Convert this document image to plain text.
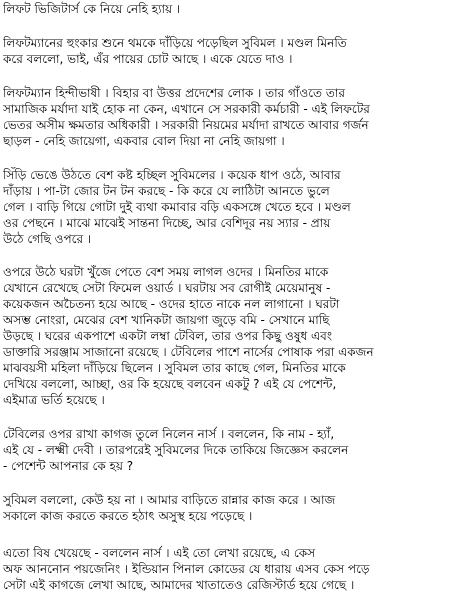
লিফট ভিজিটার্স কে নিয়ে নেহি হ্যায় ।

লিফটম্যানের হুংকার শুনে থমকে দাঁড়িয়ে পড়েছিল সুবিমল । মণ্ডল মিনতি
করে বললো, ভাই, এঁর পায়ের চোট আছে । একে যেতে দাও ।

লিফটম্যান হিন্দীভাষী । বিহার বা উত্তর প্রদেশের লোক । তার গাঁওতে তার
সামাজিক মর্যাদা যাই হোক না কেন, এখানে সে সরকারী কর্মচারী - এই লিফটের
ভেতর অসীম ক্ষমতার অধিকারী । সরকারী নিয়মের মর্যাদা রাখতে আবার গর্জন
ছাড়ল - নেহি জায়েগা, একবার বোল দিয়া না নেহি জায়গা ।

সিঁড়ি ভেঙে উঠতে বেশ কষ্ট হচ্ছিল সুবিমলের । কয়েক ধাপ ওঠে, আবার
দাঁড়ায় । পা-টা জোর টন টন করছে - কি করে যে লাঠিটা আনতে ভুলে
গেল । বাড়ি গিয়ে গোটা দুই ব্যথা কমাবার বড়ি একসঙ্গে খেতে হবে । মণ্ডল
ওর পেছনে । মাঝে মাঝেই সান্তনা দিচ্ছে, আর বেশিদূর নয় স্যার - প্রায়
উঠে গেছি ওপরে ।

ওপরে উঠে ঘরটা খুঁজে পেতে বেশ সময় লাগল ওদের । মিনতির মাকে
যেখানে রেখেছে সেটা ফিমেল ওয়ার্ড । ঘরটায় সব রোগীই মেয়েমানুষ -
কয়েকজন অচৈতন্য হয়ে আছে - ওদের হাতে নাকে নল লাগানো । ঘরটা
অসম্ভ নোংরা, মেঝের বেশ খানিকটা জায়গা জুড়ে বমি - সেখানে মাছি
উড়ছে । ঘরের একপাশে একটা লম্বা টেবিল, তার ওপর কিছু ওষুধ এবং
ডাক্তারি সরঞ্জাম সাজানো রয়েছে । টেবিলের পাশে নার্সের পোষাক পরা একজন
মাঝবয়সী মহিলা দাঁড়িয়ে ছিলেন । সুবিমল তার কাছে গেল, মিনতির মাকে
দেখিয়ে বললো, আচ্ছা, ওর কি হয়েছে বলবেন একটু ? এই যে পেশেন্ট,
এইমাত্র ভর্তি হয়েছে ।

টেবিলের ওপর রাখা কাগজ তুলে নিলেন নার্স । বললেন, কি নাম - হ্যাঁ,
এই যে - লক্ষ্মী দেবী । তারপরেই সুবিমলের দিকে তাকিয়ে জিজ্ঞেস করলেন
- পেশেন্ট আপনার কে হয় ?

সুবিমল বললো, কেউ হয় না । আমার বাড়িতে রান্নার কাজ করে । আজ
সকালে কাজ করতে করতে হঠাৎ অসুস্থ হয়ে পড়েছে ।

এতো বিষ খেয়েছে - বললেন নার্স । এই তো লেখা রয়েছে, এ কেস
অফ আননোন পয়জেনিং । ইন্ডিয়ান পিনাল কোডের যে ধারায় এসব কেস পড়ে
সেটা এই কাগজে লেখা আছে, আমাদের খাতাতেও রেজিস্টার্ড হয়ে গেছে ।
